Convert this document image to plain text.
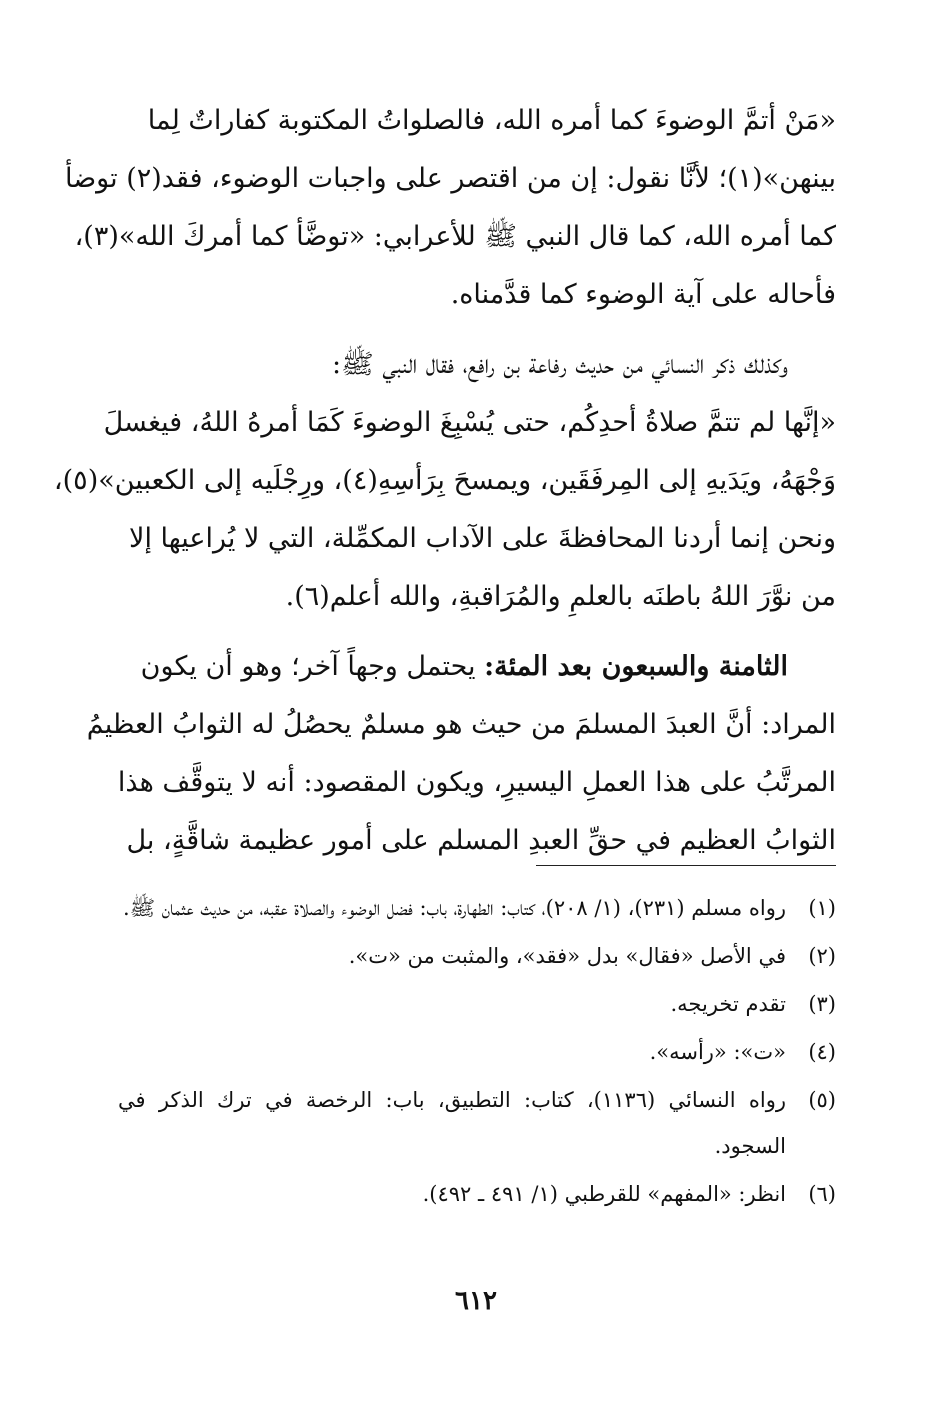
«مَنْ أتمَّ الوضوءَ كما أمره الله، فالصلواتُ المكتوبة كفاراتٌ لِما
بينهن»(١)؛ لأنَّا نقول: إن من اقتصر على واجبات الوضوء، فقد(٢) توضأ
كما أمره الله، كما قال النبي ﷺ للأعرابي: «توضَّأ كما أمركَ الله»(٣)،
فأحاله على آية الوضوء كما قدَّمناه.
وكذلك ذكر النسائي من حديث رفاعة بن رافع، فقال النبي ﷺ:
«إنَّها لم تتمَّ صلاةُ أحدِكُم، حتى يُسْبِغَ الوضوءَ كَمَا أمرهُ اللهُ، فيغسلَ
وَجْهَهُ، ويَدَيهِ إلى المِرفَقَين، ويمسحَ بِرَأسِهِ(٤)، ورِجْلَيه إلى الكعبين»(٥)،
ونحن إنما أردنا المحافظةَ على الآداب المكمِّلة، التي لا يُراعيها إلا
من نوَّرَ اللهُ باطنَه بالعلمِ والمُرَاقبةِ، والله أعلم(٦).
الثامنة والسبعون بعد المئة: يحتمل وجهاً آخر؛ وهو أن يكون
المراد: أنَّ العبدَ المسلمَ من حيث هو مسلمٌ يحصُلُ له الثوابُ العظيمُ
المرتَّبُ على هذا العملِ اليسيرِ، ويكون المقصود: أنه لا يتوقَّف هذا
الثوابُ العظيم في حقِّ العبدِ المسلم على أمور عظيمة شاقَّةٍ، بل
(١)
رواه مسلم (٢٣١)، (١/ ٢٠٨)، كتاب: الطهارة، باب: فضل الوضوء والصلاة عقبه، من حديث عثمان ﷺ.
(٢)
في الأصل «فقال» بدل «فقد»، والمثبت من «ت».
(٣)
تقدم تخريجه.
(٤)
«ت»: «رأسه».
(٥)
رواه النسائي (١١٣٦)، كتاب: التطبيق، باب: الرخصة في ترك الذكر في السجود.
(٦)
انظر: «المفهم» للقرطبي (١/ ٤٩١ ـ ٤٩٢).
٦١٢
